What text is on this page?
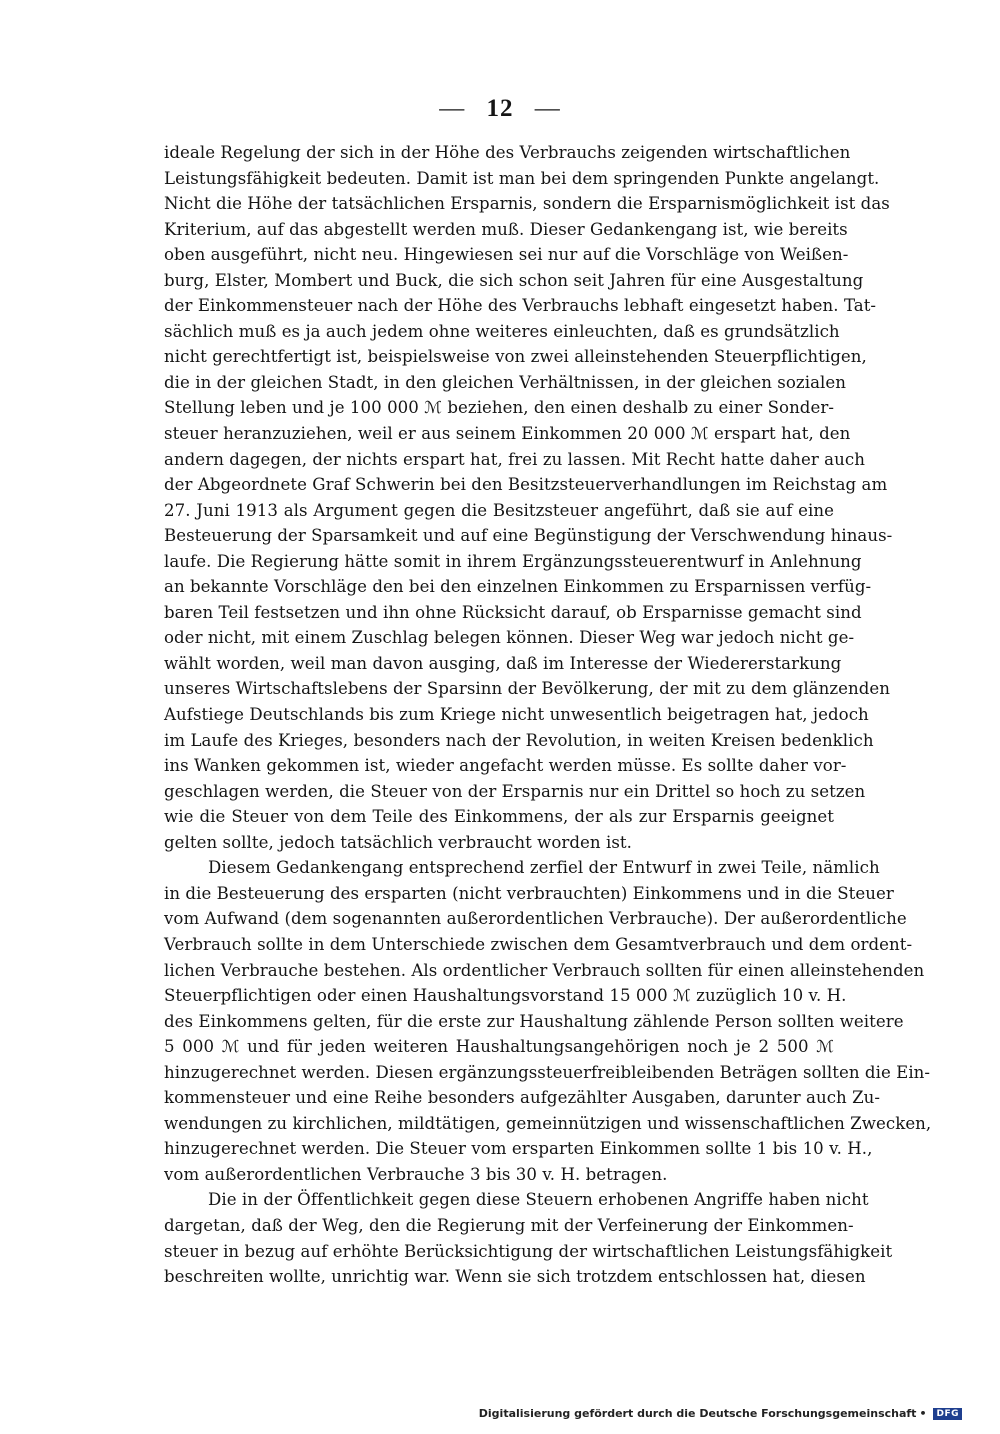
— 12 —
ideale Regelung der sich in der Höhe des Verbrauchs zeigenden wirtschaftlichen
Leistungsfähigkeit bedeuten. Damit ist man bei dem springenden Punkte angelangt.
Nicht die Höhe der tatsächlichen Ersparnis, sondern die Ersparnismöglichkeit ist das
Kriterium, auf das abgestellt werden muß. Dieser Gedankengang ist, wie bereits
oben ausgeführt, nicht neu. Hingewiesen sei nur auf die Vorschläge von Weißen-
burg, Elster, Mombert und Buck, die sich schon seit Jahren für eine Ausgestaltung
der Einkommensteuer nach der Höhe des Verbrauchs lebhaft eingesetzt haben. Tat-
sächlich muß es ja auch jedem ohne weiteres einleuchten, daß es grundsätzlich
nicht gerechtfertigt ist, beispielsweise von zwei alleinstehenden Steuerpflichtigen,
die in der gleichen Stadt, in den gleichen Verhältnissen, in der gleichen sozialen
Stellung leben und je 100 000 ℳ beziehen, den einen deshalb zu einer Sonder-
steuer heranzuziehen, weil er aus seinem Einkommen 20 000 ℳ erspart hat, den
andern dagegen, der nichts erspart hat, frei zu lassen. Mit Recht hatte daher auch
der Abgeordnete Graf Schwerin bei den Besitzsteuerverhandlungen im Reichstag am
27. Juni 1913 als Argument gegen die Besitzsteuer angeführt, daß sie auf eine
Besteuerung der Sparsamkeit und auf eine Begünstigung der Verschwendung hinaus-
laufe. Die Regierung hätte somit in ihrem Ergänzungssteuerentwurf in Anlehnung
an bekannte Vorschläge den bei den einzelnen Einkommen zu Ersparnissen verfüg-
baren Teil festsetzen und ihn ohne Rücksicht darauf, ob Ersparnisse gemacht sind
oder nicht, mit einem Zuschlag belegen können. Dieser Weg war jedoch nicht ge-
wählt worden, weil man davon ausging, daß im Interesse der Wiedererstarkung
unseres Wirtschaftslebens der Sparsinn der Bevölkerung, der mit zu dem glänzenden
Aufstiege Deutschlands bis zum Kriege nicht unwesentlich beigetragen hat, jedoch
im Laufe des Krieges, besonders nach der Revolution, in weiten Kreisen bedenklich
ins Wanken gekommen ist, wieder angefacht werden müsse. Es sollte daher vor-
geschlagen werden, die Steuer von der Ersparnis nur ein Drittel so hoch zu setzen
wie die Steuer von dem Teile des Einkommens, der als zur Ersparnis geeignet
gelten sollte, jedoch tatsächlich verbraucht worden ist.
Diesem Gedankengang entsprechend zerfiel der Entwurf in zwei Teile, nämlich
in die Besteuerung des ersparten (nicht verbrauchten) Einkommens und in die Steuer
vom Aufwand (dem sogenannten außerordentlichen Verbrauche). Der außerordentliche
Verbrauch sollte in dem Unterschiede zwischen dem Gesamtverbrauch und dem ordent-
lichen Verbrauche bestehen. Als ordentlicher Verbrauch sollten für einen alleinstehenden
Steuerpflichtigen oder einen Haushaltungsvorstand 15 000 ℳ zuzüglich 10 v. H.
des Einkommens gelten, für die erste zur Haushaltung zählende Person sollten weitere
5 000 ℳ und für jeden weiteren Haushaltungsangehörigen noch je 2 500 ℳ
hinzugerechnet werden. Diesen ergänzungssteuerfreibleibenden Beträgen sollten die Ein-
kommensteuer und eine Reihe besonders aufgezählter Ausgaben, darunter auch Zu-
wendungen zu kirchlichen, mildtätigen, gemeinnützigen und wissenschaftlichen Zwecken,
hinzugerechnet werden. Die Steuer vom ersparten Einkommen sollte 1 bis 10 v. H.,
vom außerordentlichen Verbrauche 3 bis 30 v. H. betragen.
Die in der Öffentlichkeit gegen diese Steuern erhobenen Angriffe haben nicht
dargetan, daß der Weg, den die Regierung mit der Verfeinerung der Einkommen-
steuer in bezug auf erhöhte Berücksichtigung der wirtschaftlichen Leistungsfähigkeit
beschreiten wollte, unrichtig war. Wenn sie sich trotzdem entschlossen hat, diesen
Digitalisierung gefördert durch die Deutsche Forschungsgemeinschaft •	DFG
